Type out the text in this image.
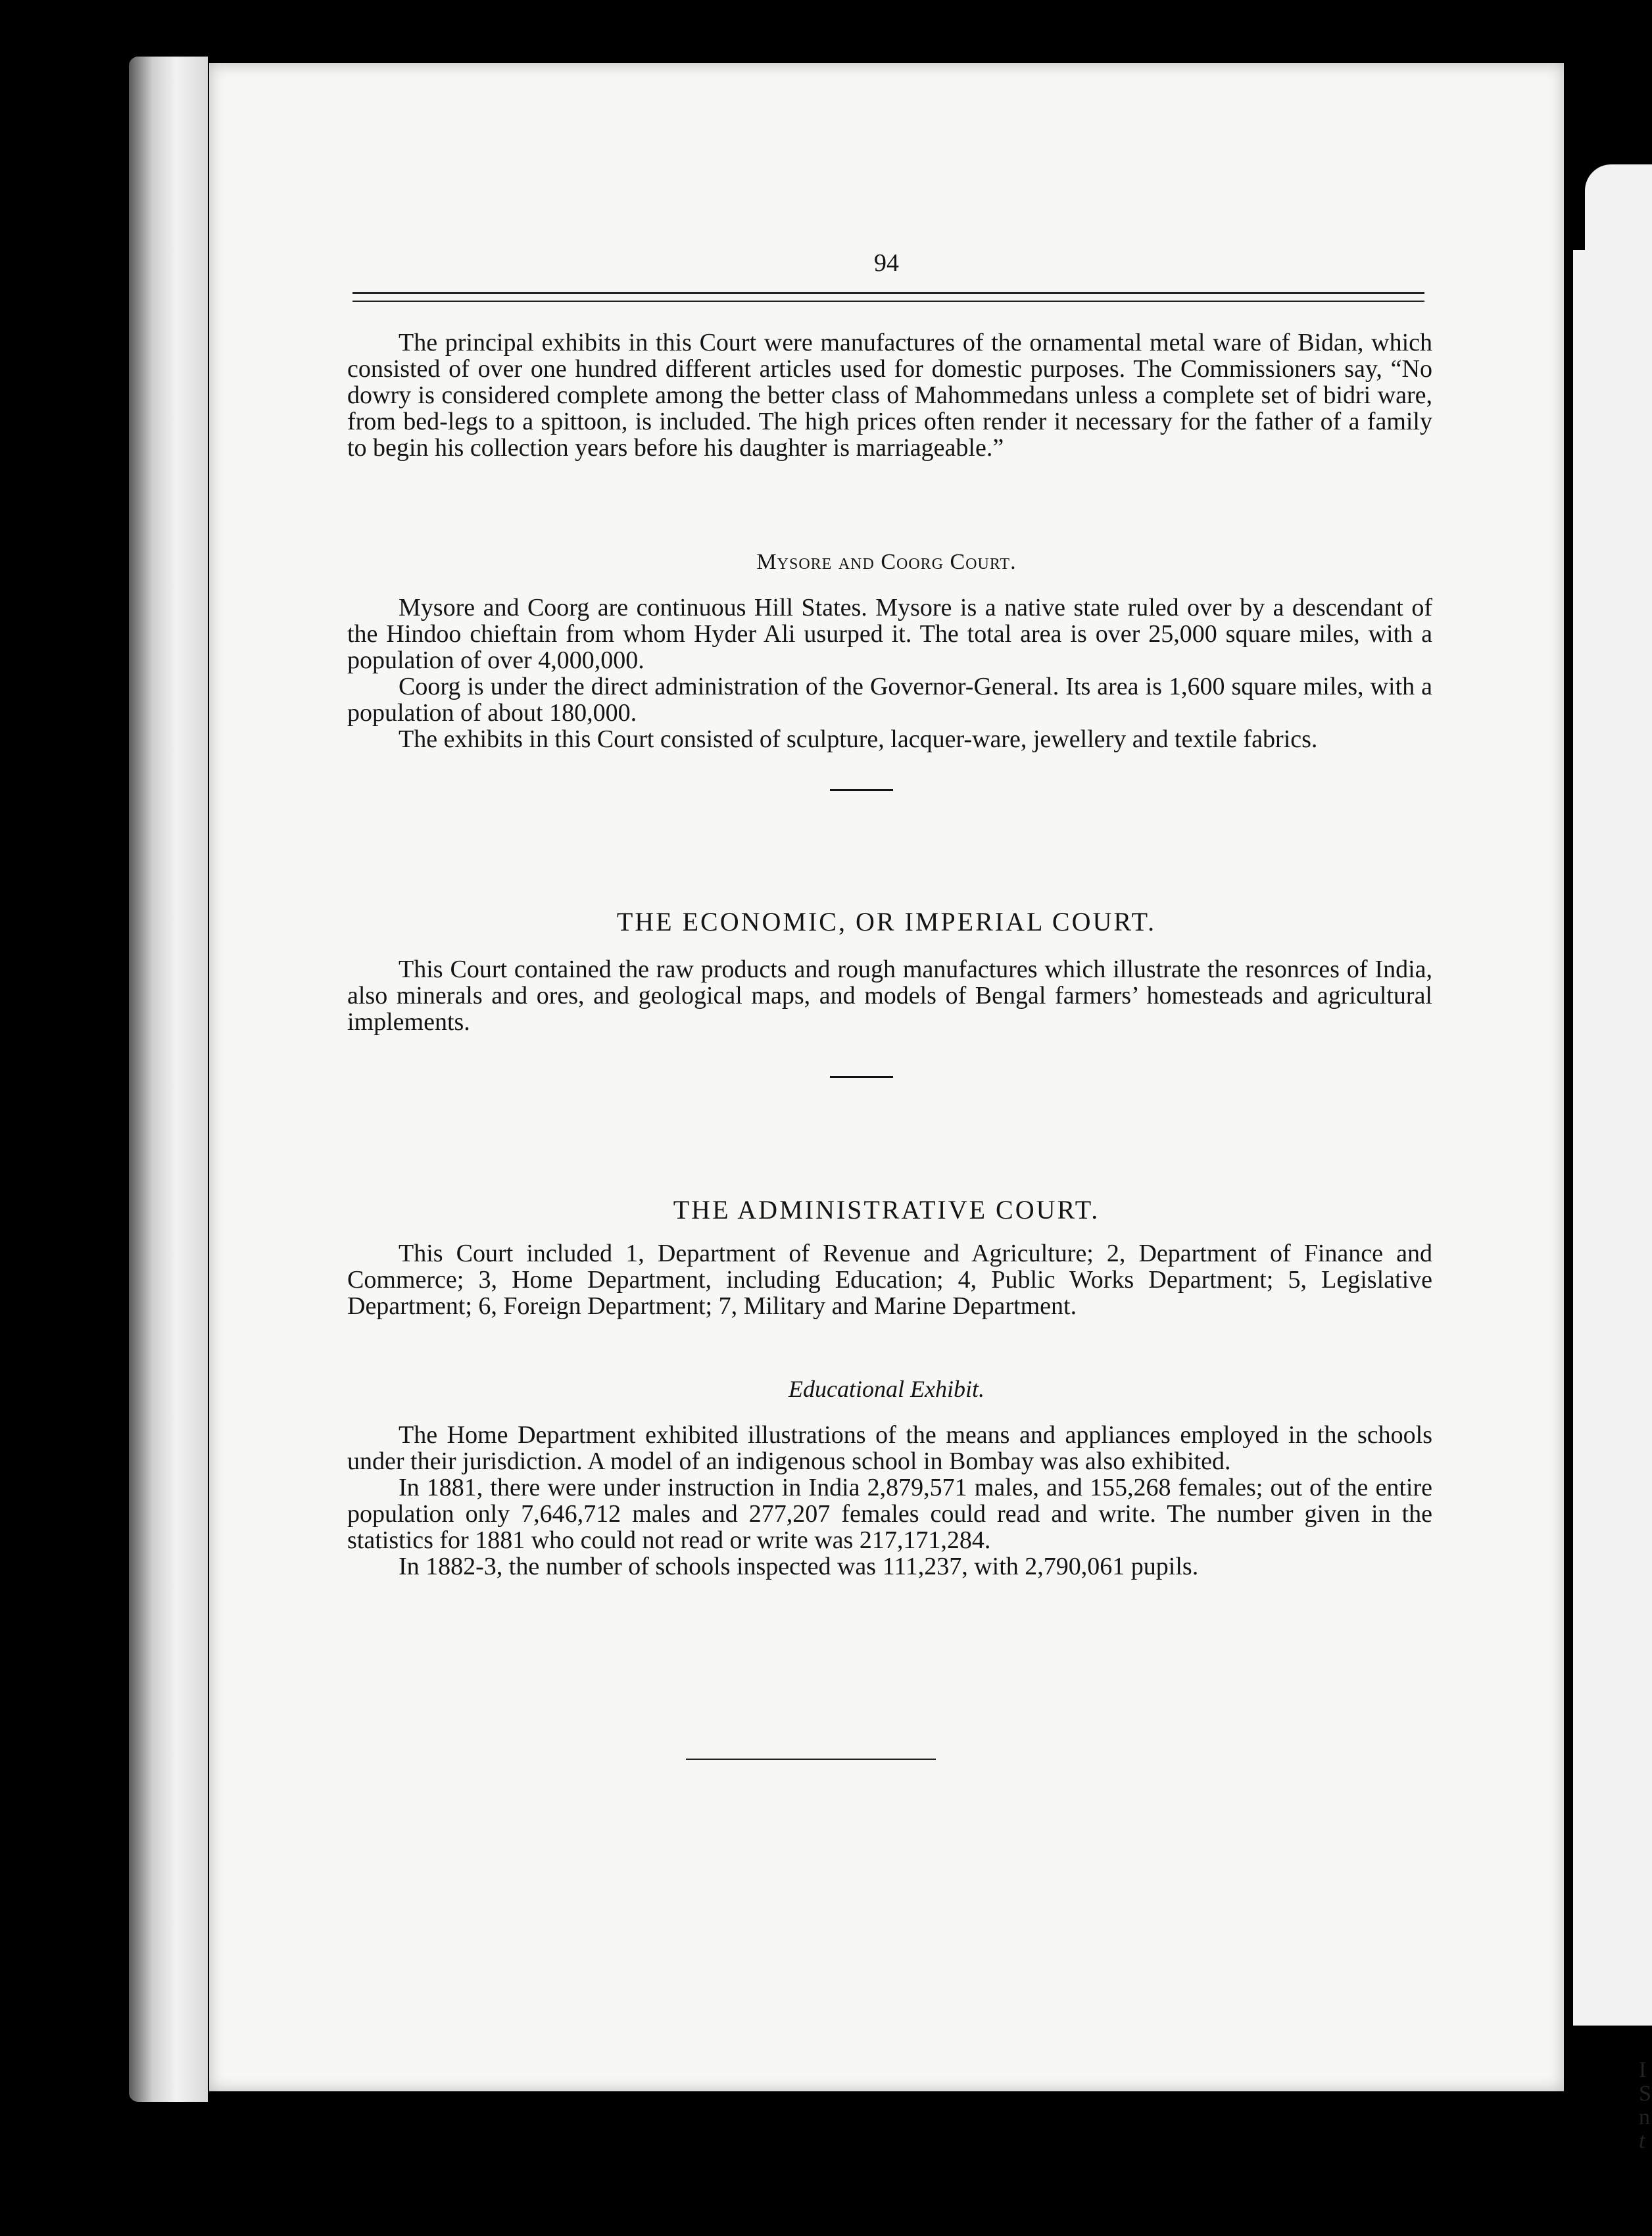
94

The principal exhibits in this Court were manufactures of the ornamental metal ware of Bidan, which consisted of over one hundred different articles used for domestic purposes. The Commissioners say, “No dowry is considered complete among the better class of Mahommedans unless a complete set of bidri ware, from bed-legs to a spittoon, is included. The high prices often render it necessary for the father of a family to begin his collection years before his daughter is marriageable.”

Mysore and Coorg Court.

Mysore and Coorg are continuous Hill States. Mysore is a native state ruled over by a descendant of the Hindoo chieftain from whom Hyder Ali usurped it. The total area is over 25,000 square miles, with a population of over 4,000,000.

Coorg is under the direct administration of the Governor-General. Its area is 1,600 square miles, with a population of about 180,000.

The exhibits in this Court consisted of sculpture, lacquer-ware, jewellery and textile fabrics.

THE ECONOMIC, OR IMPERIAL COURT.

This Court contained the raw products and rough manufactures which illustrate the resonrces of India, also minerals and ores, and geological maps, and models of Bengal farmers’ homesteads and agricultural implements.

THE ADMINISTRATIVE COURT.

This Court included 1, Department of Revenue and Agriculture; 2, Department of Finance and Commerce; 3, Home Department, including Education; 4, Public Works Department; 5, Legislative Department; 6, Foreign Department; 7, Military and Marine Department.

Educational Exhibit.

The Home Department exhibited illustrations of the means and appliances employed in the schools under their jurisdiction. A model of an indigenous school in Bombay was also exhibited.

In 1881, there were under instruction in India 2,879,571 males, and 155,268 females; out of the entire population only 7,646,712 males and 277,207 females could read and write. The number given in the statistics for 1881 who could not read or write was 217,171,284.

In 1882-3, the number of schools inspected was 111,237, with 2,790,061 pupils.

I
S
n
t
